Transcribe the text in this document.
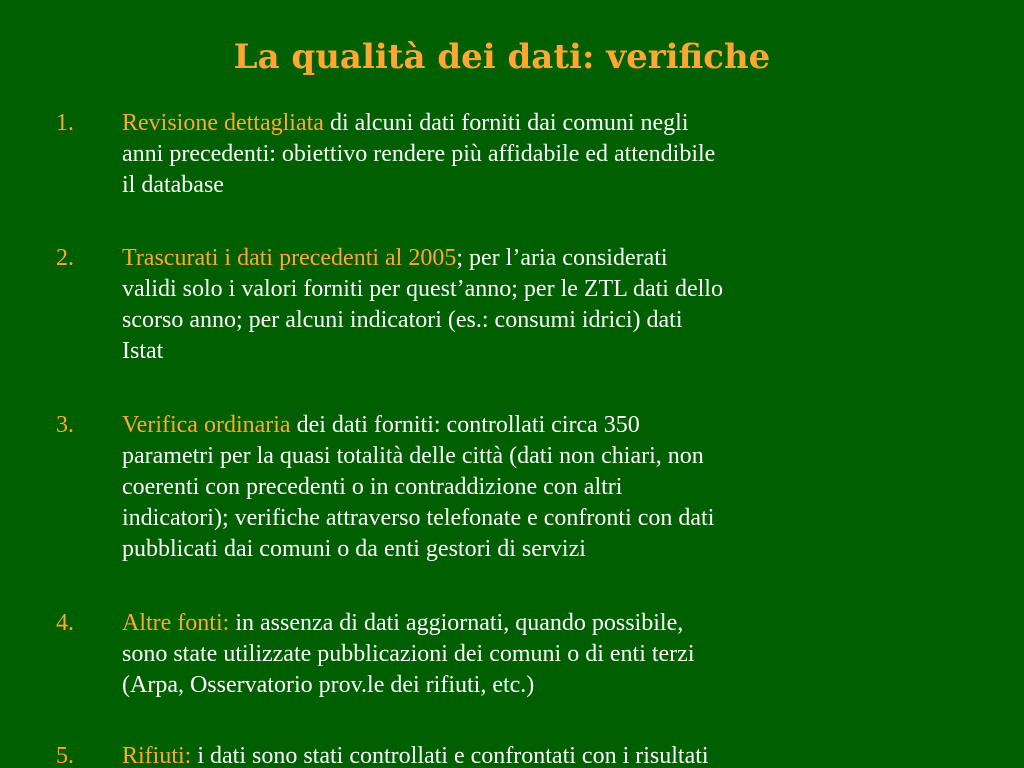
La qualità dei dati: verifiche
1. Revisione dettagliata di alcuni dati forniti dai comuni negli
anni precedenti: obiettivo rendere più affidabile ed attendibile
il database
2. Trascurati i dati precedenti al 2005; per l’aria considerati
validi solo i valori forniti per quest’anno; per le ZTL dati dello
scorso anno; per alcuni indicatori (es.: consumi idrici) dati
Istat
3. Verifica ordinaria dei dati forniti: controllati circa 350
parametri per la quasi totalità delle città (dati non chiari, non
coerenti con precedenti o in contraddizione con altri
indicatori); verifiche attraverso telefonate e confronti con dati
pubblicati dai comuni o da enti gestori di servizi
4. Altre fonti: in assenza di dati aggiornati, quando possibile,
sono state utilizzate pubblicazioni dei comuni o di enti terzi
(Arpa, Osservatorio prov.le dei rifiuti, etc.)
5. Rifiuti: i dati sono stati controllati e confrontati con i risultati
